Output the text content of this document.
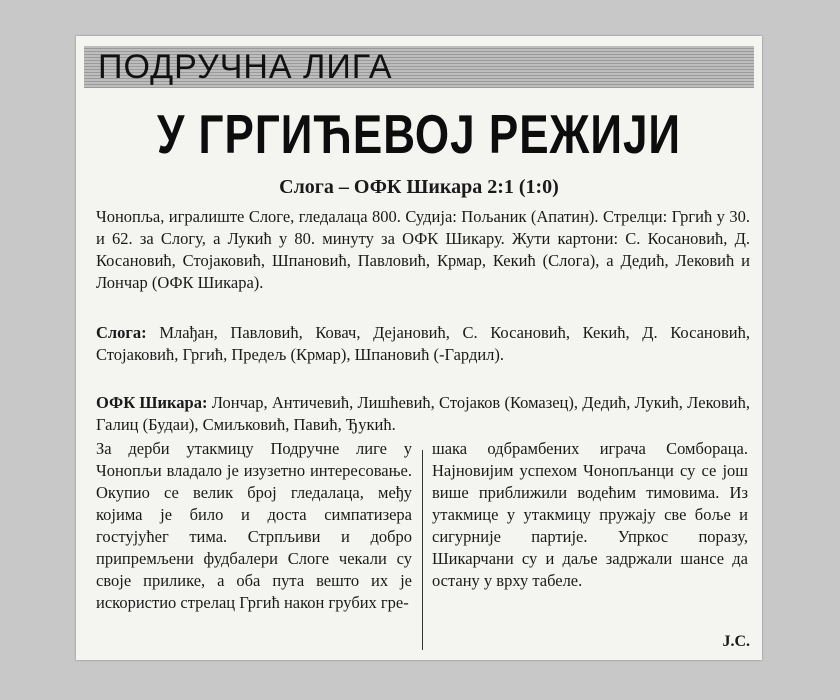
ПОДРУЧНА ЛИГА
У ГРГИЋЕВОЈ РЕЖИЈИ
Слога – ОФК Шикара 2:1 (1:0)
Чонопља, игралиште Слоге, гледалаца 800. Судија: Пољаник (Апатин). Стрелци: Гргић у 30. и 62. за Слогу, а Лукић у 80. минуту за ОФК Шикару. Жути картони: С. Косановић, Д. Косановић, Стојаковић, Шпановић, Павловић, Крмар, Кекић (Слога), а Дедић, Лековић и Лончар (ОФК Шикара).
Слога: Млађан, Павловић, Ковач, Дејановић, С. Косановић, Кекић, Д. Косановић, Стојаковић, Гргић, Предељ (Крмар), Шпановић (-Гардил).
ОФК Шикара: Лончар, Античевић, Лишћевић, Стојаков (Комазец), Дедић, Лукић, Лековић, Галиц (Будаи), Смиљковић, Павић, Ђукић.
За дерби утакмицу Подручне лиге у Чонопљи владало је изузетно интересовање. Окупио се велик број гледалаца, међу којима је било и доста симпатизера гостујућег тима. Стрпљиви и добро припремљени фудбалери Слоге чекали су своје прилике, а оба пута вешто их је искористио стрелац Гргић након грубих гре-
шака одбрамбених играча Сомбораца. Најновијим успехом Чонопљанци су се још више приближили водећим тимовима. Из утакмице у утакмицу пружају све боље и сигурније партије. Упркос поразу, Шикарчани су и даље задржали шансе да остану у врху табеле.
Ј.С.
